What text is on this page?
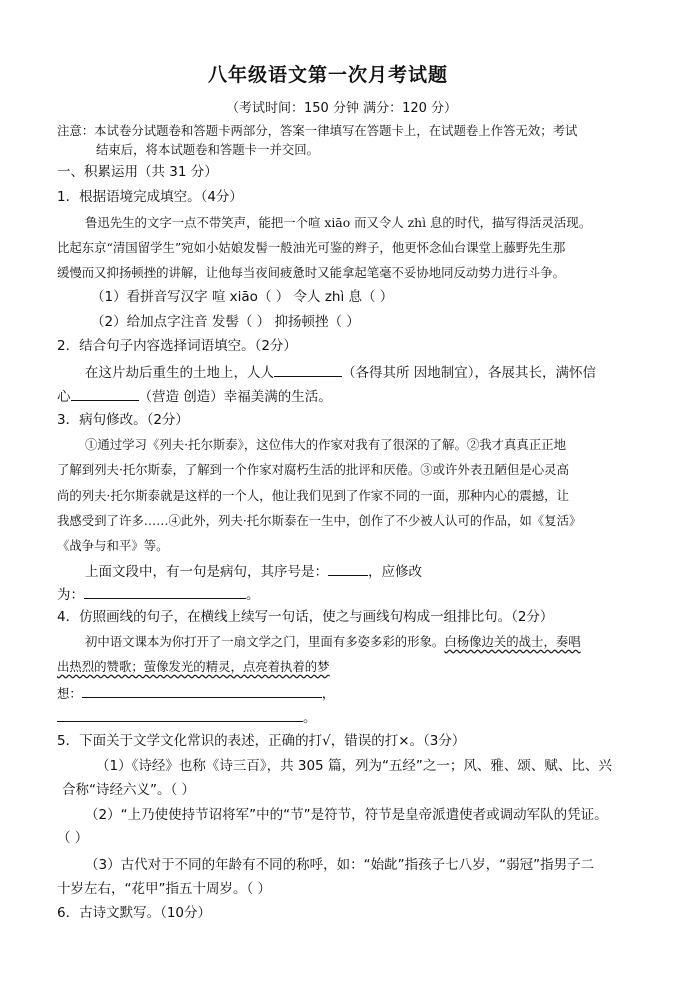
八年级语文第一次月考试题
（考试时间：150 分钟 满分：120 分）
注意：本试卷分试题卷和答题卡两部分，答案一律填写在答题卡上，在试题卷上作答无效；考试
结束后，将本试题卷和答题卡一并交回。
一、积累运用（共 31 分）
1．根据语境完成填空。（4分）
鲁迅先生的文字一点不带笑声，能把一个喧 xiāo 而又令人 zhì 息的时代，描写得活灵活现。
比起东京“清国留学生”宛如小姑娘发髻一般油光可鉴的辫子，他更怀念仙台课堂上藤野先生那
缓慢而又抑扬顿挫的讲解，让他每当夜间疲惫时又能拿起笔毫不妥协地同反动势力进行斗争。
（1）看拼音写汉字 喧 xiāo（ ） 令人 zhì 息（ ）
（2）给加点字注音 发髻（ ） 抑扬顿挫（ ）
2．结合句子内容选择词语填空。（2分）
在这片劫后重生的土地上，人人	（各得其所 因地制宜），各展其长，满怀信
心	（营造 创造）幸福美满的生活。
3．病句修改。（2分）
①通过学习《列夫·托尔斯泰》，这位伟大的作家对我有了很深的了解。②我才真真正正地
了解到列夫·托尔斯泰，了解到一个作家对腐朽生活的批评和厌倦。③或许外表丑陋但是心灵高
尚的列夫·托尔斯泰就是这样的一个人，他让我们见到了作家不同的一面，那种内心的震撼，让
我感受到了许多……④此外，列夫·托尔斯泰在一生中，创作了不少被人认可的作品，如《复活》
《战争与和平》等。
上面文段中，有一句是病句，其序号是：	，应修改
为：	。
4．仿照画线的句子，在横线上续写一句话，使之与画线句构成一组排比句。（2分）
初中语文课本为你打开了一扇文学之门，里面有多姿多彩的形象。白杨像边关的战士，奏唱
出热烈的赞歌；萤像发光的精灵，点亮着执着的梦
想：	，
。
5．下面关于文学文化常识的表述，正确的打√，错误的打×。（3分）
（1）《诗经》也称《诗三百》，共 305 篇，列为“五经”之一；风、雅、颂、赋、比、兴
合称“诗经六义”。（ ）
（2）“上乃使使持节诏将军”中的“节”是符节，符节是皇帝派遣使者或调动军队的凭证。
（ ）
（3）古代对于不同的年龄有不同的称呼，如：“始龀”指孩子七八岁，“弱冠”指男子二
十岁左右，“花甲”指五十周岁。（ ）
6．古诗文默写。（10分）
